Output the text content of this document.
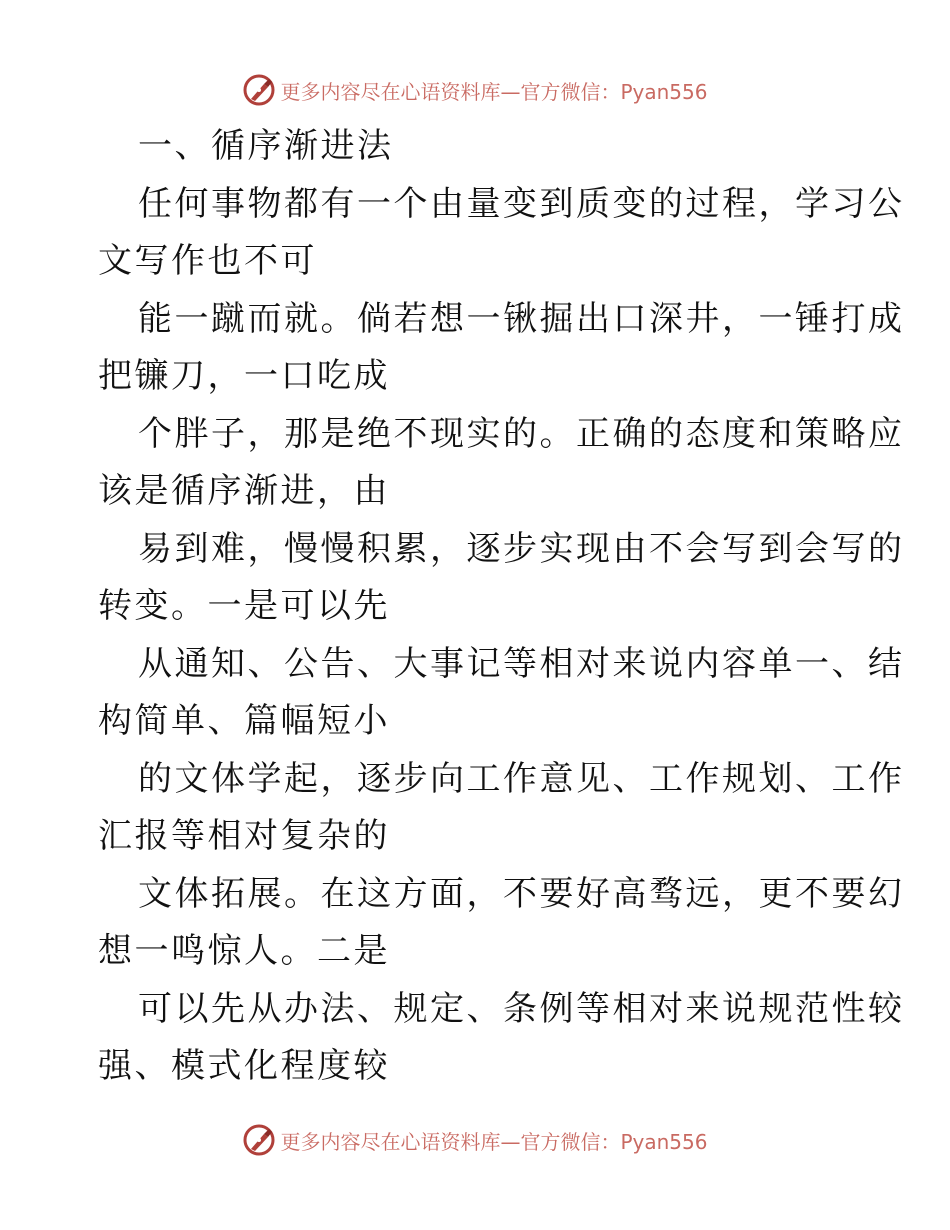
更多内容尽在心语资料库—官方微信：Pyan556
一、循序渐进法
任何事物都有一个由量变到质变的过程，学习公
文写作也不可
能一蹴而就。倘若想一锹掘出口深井，一锤打成
把镰刀，一口吃成
个胖子，那是绝不现实的。正确的态度和策略应
该是循序渐进，由
易到难，慢慢积累，逐步实现由不会写到会写的
转变。一是可以先
从通知、公告、大事记等相对来说内容单一、结
构简单、篇幅短小
的文体学起，逐步向工作意见、工作规划、工作
汇报等相对复杂的
文体拓展。在这方面，不要好高骛远，更不要幻
想一鸣惊人。二是
可以先从办法、规定、条例等相对来说规范性较
强、模式化程度较
更多内容尽在心语资料库—官方微信：Pyan556
